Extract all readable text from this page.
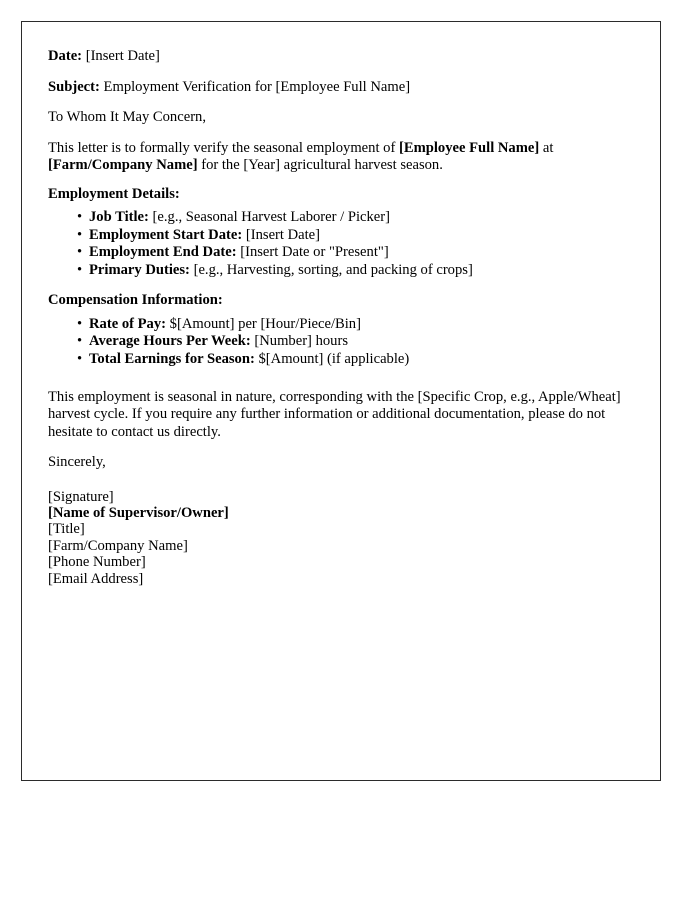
Date: [Insert Date]

Subject: Employment Verification for [Employee Full Name]

To Whom It May Concern,

This letter is to formally verify the seasonal employment of [Employee Full Name] at [Farm/Company Name] for the [Year] agricultural harvest season.

Employment Details:

• Job Title: [e.g., Seasonal Harvest Laborer / Picker]
• Employment Start Date: [Insert Date]
• Employment End Date: [Insert Date or "Present"]
• Primary Duties: [e.g., Harvesting, sorting, and packing of crops]

Compensation Information:

• Rate of Pay: $[Amount] per [Hour/Piece/Bin]
• Average Hours Per Week: [Number] hours
• Total Earnings for Season: $[Amount] (if applicable)

This employment is seasonal in nature, corresponding with the [Specific Crop, e.g., Apple/Wheat] harvest cycle. If you require any further information or additional documentation, please do not hesitate to contact us directly.

Sincerely,

[Signature]
[Name of Supervisor/Owner]
[Title]
[Farm/Company Name]
[Phone Number]
[Email Address]
